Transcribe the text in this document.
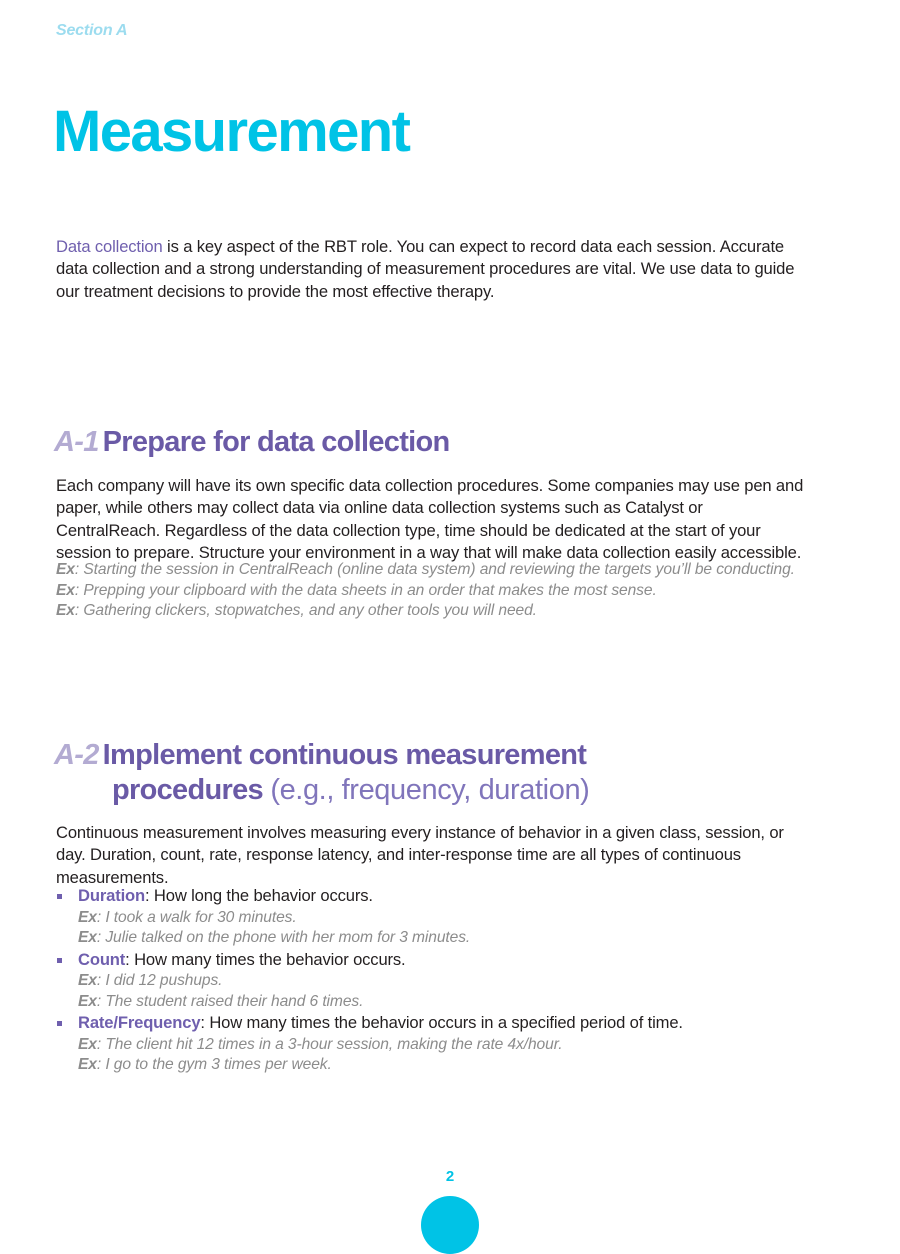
Section A
Measurement

Data collection is a key aspect of the RBT role. You can expect to record data each session. Accurate data collection and a strong understanding of measurement procedures are vital. We use data to guide our treatment decisions to provide the most effective therapy.

A-1 Prepare for data collection

Each company will have its own specific data collection procedures. Some companies may use pen and paper, while others may collect data via online data collection systems such as Catalyst or CentralReach. Regardless of the data collection type, time should be dedicated at the start of your session to prepare. Structure your environment in a way that will make data collection easily accessible.

Ex: Starting the session in CentralReach (online data system) and reviewing the targets you’ll be conducting.
Ex: Prepping your clipboard with the data sheets in an order that makes the most sense.
Ex: Gathering clickers, stopwatches, and any other tools you will need.
A-2 Implement continuous measurement
procedures (e.g., frequency, duration)

Continuous measurement involves measuring every instance of behavior in a given class, session, or day. Duration, count, rate, response latency, and inter-response time are all types of continuous measurements.

Duration: How long the behavior occurs.
Ex: I took a walk for 30 minutes.
Ex: Julie talked on the phone with her mom for 3 minutes.
Count: How many times the behavior occurs.
Ex: I did 12 pushups.
Ex: The student raised their hand 6 times.
Rate/Frequency: How many times the behavior occurs in a specified period of time.
Ex: The client hit 12 times in a 3-hour session, making the rate 4x/hour.
Ex: I go to the gym 3 times per week.
2
